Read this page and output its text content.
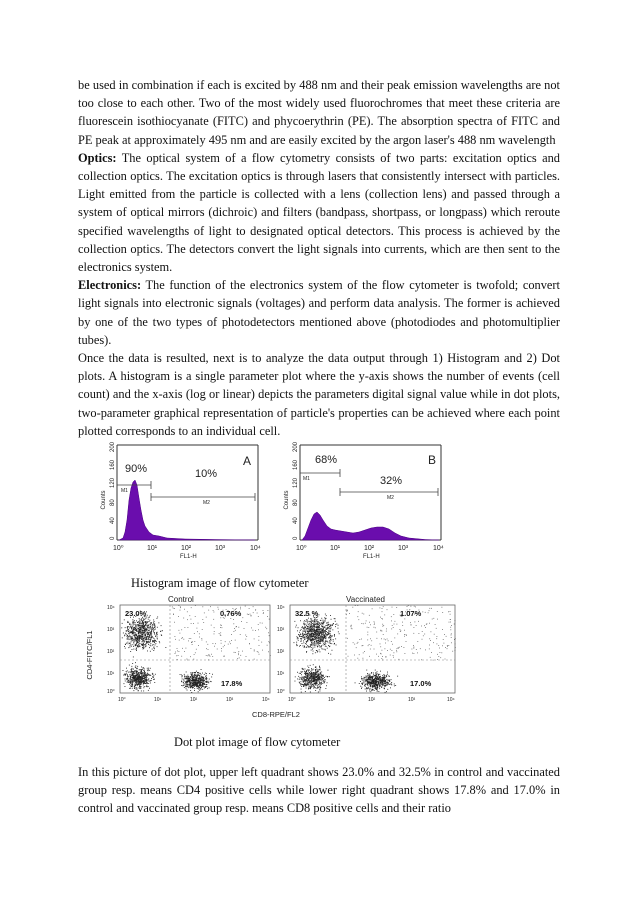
be used in combination if each is excited by 488 nm and their peak emission wavelengths are not too close to each other. Two of the most widely used fluorochromes that meet these criteria are fluorescein isothiocyanate (FITC) and phycoerythrin (PE). The absorption spectra of FITC and PE peak at approximately 495 nm and are easily excited by the argon laser's 488 nm wavelength

Optics: The optical system of a flow cytometry consists of two parts: excitation optics and collection optics. The excitation optics is through lasers that consistently intersect with particles. Light emitted from the particle is collected with a lens (collection lens) and passed through a system of optical mirrors (dichroic) and filters (bandpass, shortpass, or longpass) which reroute specified wavelengths of light to designated optical detectors. This process is achieved by the collection optics. The detectors convert the light signals into currents, which are then sent to the electronics system.

Electronics: The function of the electronics system of the flow cytometer is twofold; convert light signals into electronic signals (voltages) and perform data analysis. The former is achieved by one of the two types of photodetectors mentioned above (photodiodes and photomultiplier tubes).

Once the data is resulted, next is to analyze the data output through 1) Histogram and 2) Dot plots. A histogram is a single parameter plot where the y-axis shows the number of events (cell count) and the x-axis (log or linear) depicts the parameters digital signal value while in dot plots, two-parameter graphical representation of particle's properties can be achieved where each point plotted corresponds to an individual cell.

Counts
0
40
80
120
160
200
90%	10%
A
M1
M2
10⁰	10¹	10²	10³	10⁴
FL1-H
Counts
0
40
80
120
160
200
68%
32%
B
M1
M2
10⁰	10¹	10²	10³	10⁴
FL1-H
Histogram image of flow cytometer
CD4-FITC/FL1
Control
23.0%	0.76%
17.8%
10⁴
10³
10²
10¹
10⁰
10⁰	10¹	10²	10³	10⁴
Vaccinated
32.5 %	1.07%
17.0%
10⁴
10³
10²
10¹
10⁰
10⁰	10¹	10²	10³	10⁴
CD8-RPE/FL2
Dot plot image of flow cytometer

In this picture of dot plot, upper left quadrant shows 23.0% and 32.5% in control and vaccinated group resp. means CD4 positive cells while lower right quadrant shows 17.8% and 17.0% in control and vaccinated group resp. means CD8 positive cells and their ratio
